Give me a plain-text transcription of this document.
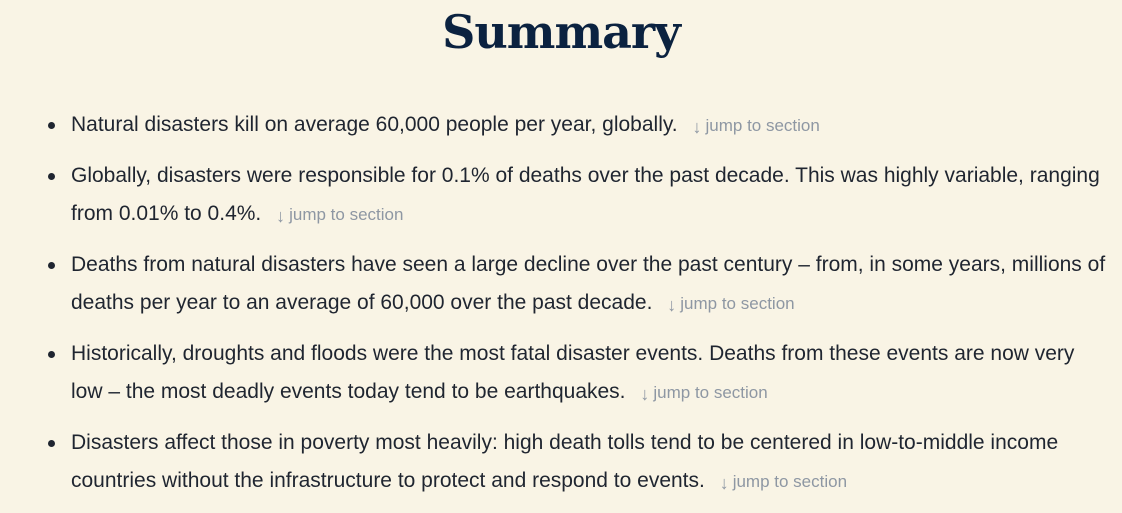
Summary
Natural disasters kill on average 60,000 people per year, globally. ↓ jump to section
Globally, disasters were responsible for 0.1% of deaths over the past decade. This was highly variable, ranging from 0.01% to 0.4%. ↓ jump to section
Deaths from natural disasters have seen a large decline over the past century – from, in some years, millions of deaths per year to an average of 60,000 over the past decade. ↓ jump to section
Historically, droughts and floods were the most fatal disaster events. Deaths from these events are now very low – the most deadly events today tend to be earthquakes. ↓ jump to section
Disasters affect those in poverty most heavily: high death tolls tend to be centered in low-to-middle income countries without the infrastructure to protect and respond to events. ↓ jump to section
